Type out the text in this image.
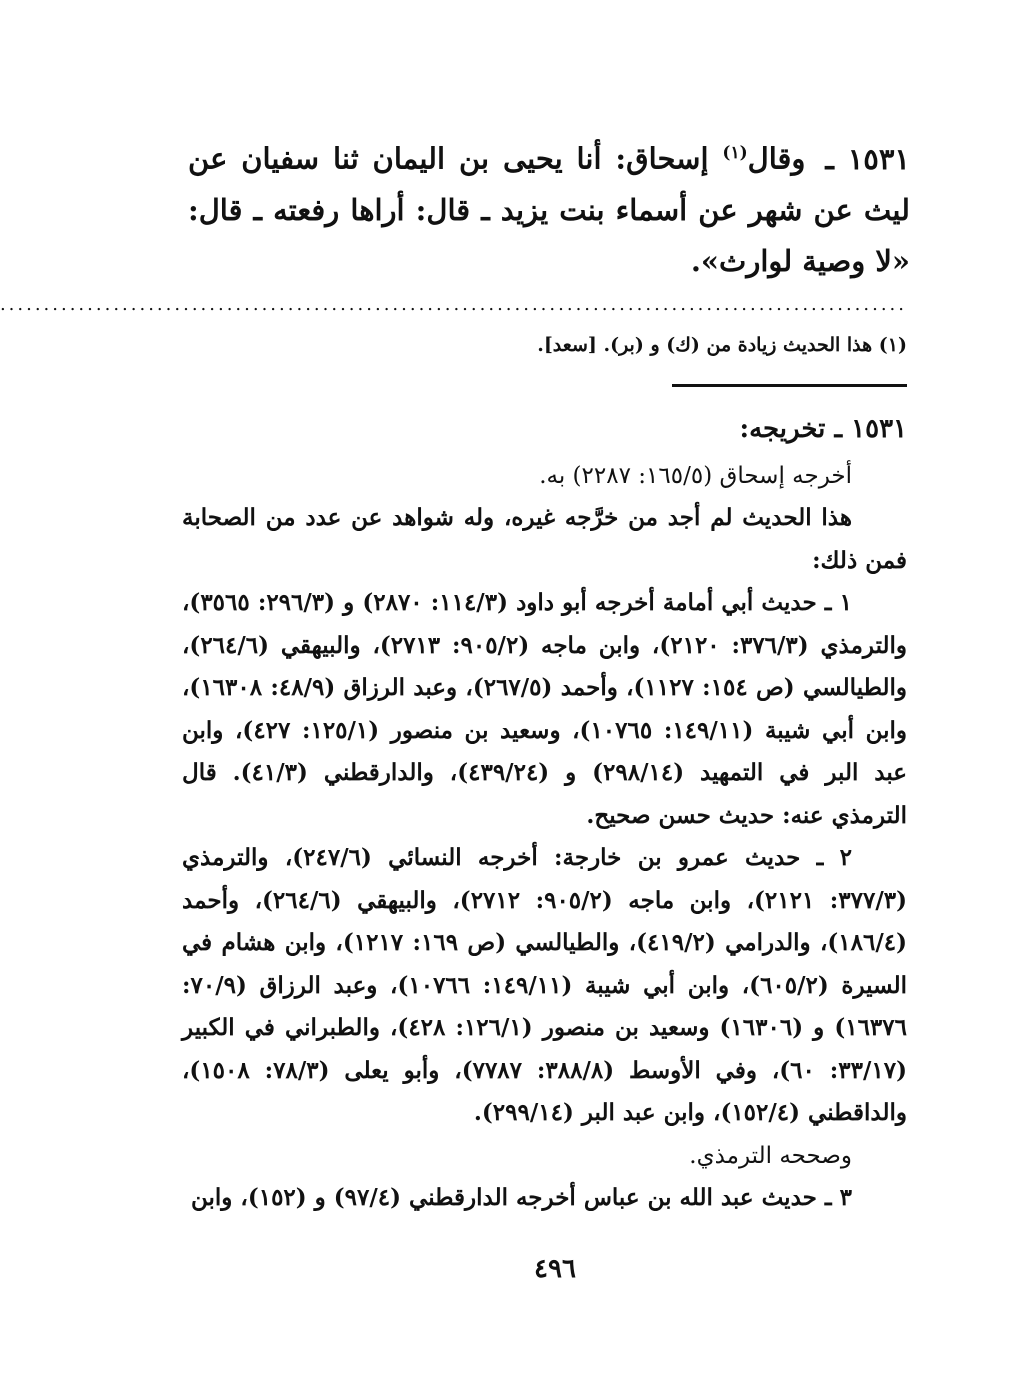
١٥٣١ ـ وقال$^{(١)}$ إسحاق: أنا يحيى بن اليمان ثنا سفيان عن ليث عن شهر عن أسماء بنت يزيد ـ قال: أراها رفعته ـ قال: «لا وصية لوارث».
........................................................................................................
(١) هذا الحديث زيادة من (ك) و (بر). [سعد].

١٥٣١ ـ تخريجه:

أخرجه إسحاق (١٦٥/٥: ٢٢٨٧) به.

هذا الحديث لم أجد من خرَّجه غيره، وله شواهد عن عدد من الصحابة فمن ذلك:

١ ـ حديث أبي أمامة أخرجه أبو داود (١١٤/٣: ٢٨٧٠) و (٢٩٦/٣: ٣٥٦٥)، والترمذي (٣٧٦/٣: ٢١٢٠)، وابن ماجه (٩٠٥/٢: ٢٧١٣)، والبيهقي (٢٦٤/٦)، والطيالسي (ص ١٥٤: ١١٢٧)، وأحمد (٢٦٧/٥)، وعبد الرزاق (٤٨/٩: ١٦٣٠٨)، وابن أبي شيبة (١٤٩/١١: ١٠٧٦٥)، وسعيد بن منصور (١٢٥/١: ٤٢٧)، وابن عبد البر في التمهيد (٢٩٨/١٤) و (٤٣٩/٢٤)، والدارقطني (٤١/٣). قال الترمذي عنه: حديث حسن صحيح.

٢ ـ حديث عمرو بن خارجة: أخرجه النسائي (٢٤٧/٦)، والترمذي (٣٧٧/٣: ٢١٢١)، وابن ماجه (٩٠٥/٢: ٢٧١٢)، والبيهقي (٢٦٤/٦)، وأحمد (١٨٦/٤)، والدرامي (٤١٩/٢)، والطيالسي (ص ١٦٩: ١٢١٧)، وابن هشام في السيرة (٦٠٥/٢)، وابن أبي شيبة (١٤٩/١١: ١٠٧٦٦)، وعبد الرزاق (٧٠/٩: ١٦٣٧٦) و (١٦٣٠٦) وسعيد بن منصور (١٢٦/١: ٤٢٨)، والطبراني في الكبير (٣٣/١٧: ٦٠)، وفي الأوسط (٣٨٨/٨: ٧٧٨٧)، وأبو يعلى (٧٨/٣: ١٥٠٨)، والداقطني (١٥٢/٤)، وابن عبد البر (٢٩٩/١٤).

وصححه الترمذي.

٣ ـ حديث عبد الله بن عباس أخرجه الدارقطني (٩٧/٤) و (١٥٢)، وابن

٤٩٦
